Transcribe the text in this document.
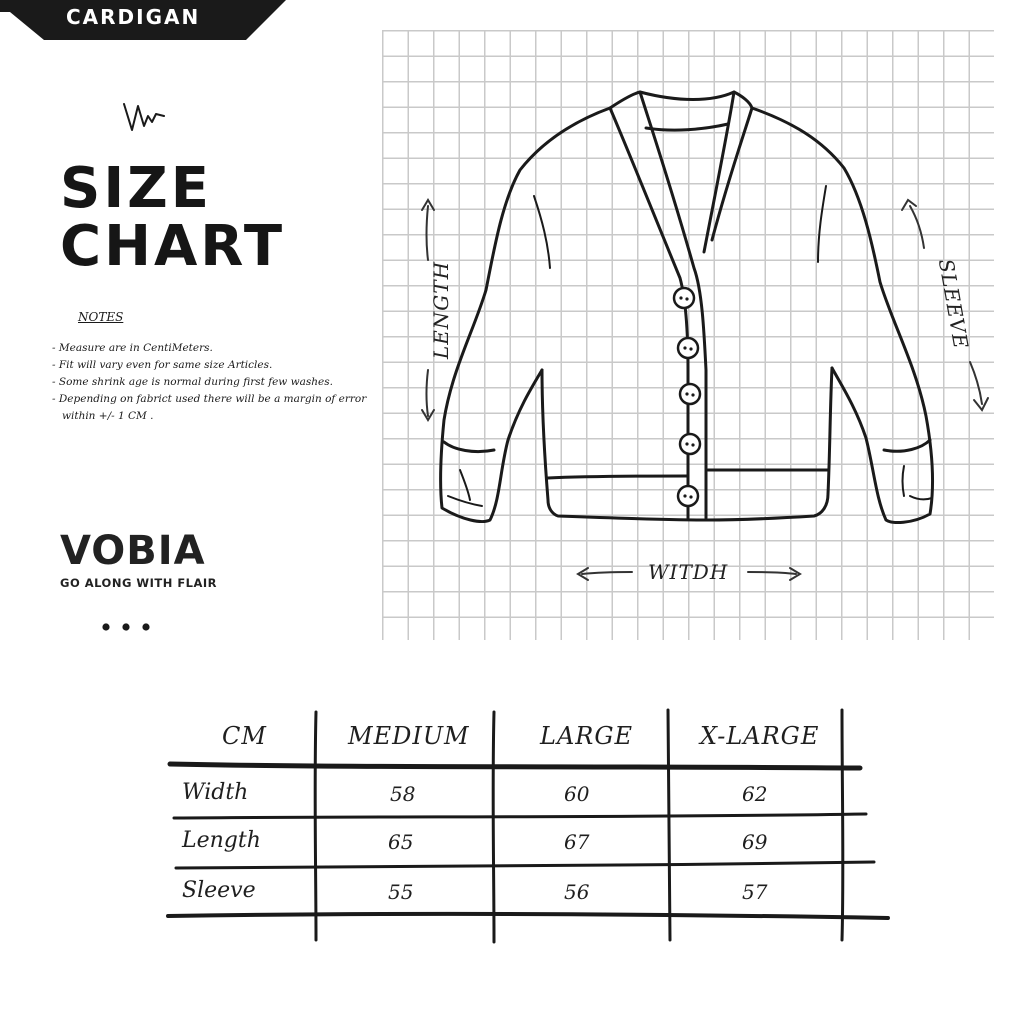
CARDIGAN
SIZE
CHART
NOTES
- Measure are in CentiMeters.
- Fit will vary even for same size Articles.
- Some shrink age is normal during first few washes.
- Depending on fabrict used there will be a margin of error within +/- 1 CM .
VOBIA
GO ALONG WITH FLAIR
LENGTH	SLEEVE
WITDH
CM	MEDIUM	LARGE	X-LARGE
Width	58	60	62
Length	65	67	69
Sleeve	55	56	57
